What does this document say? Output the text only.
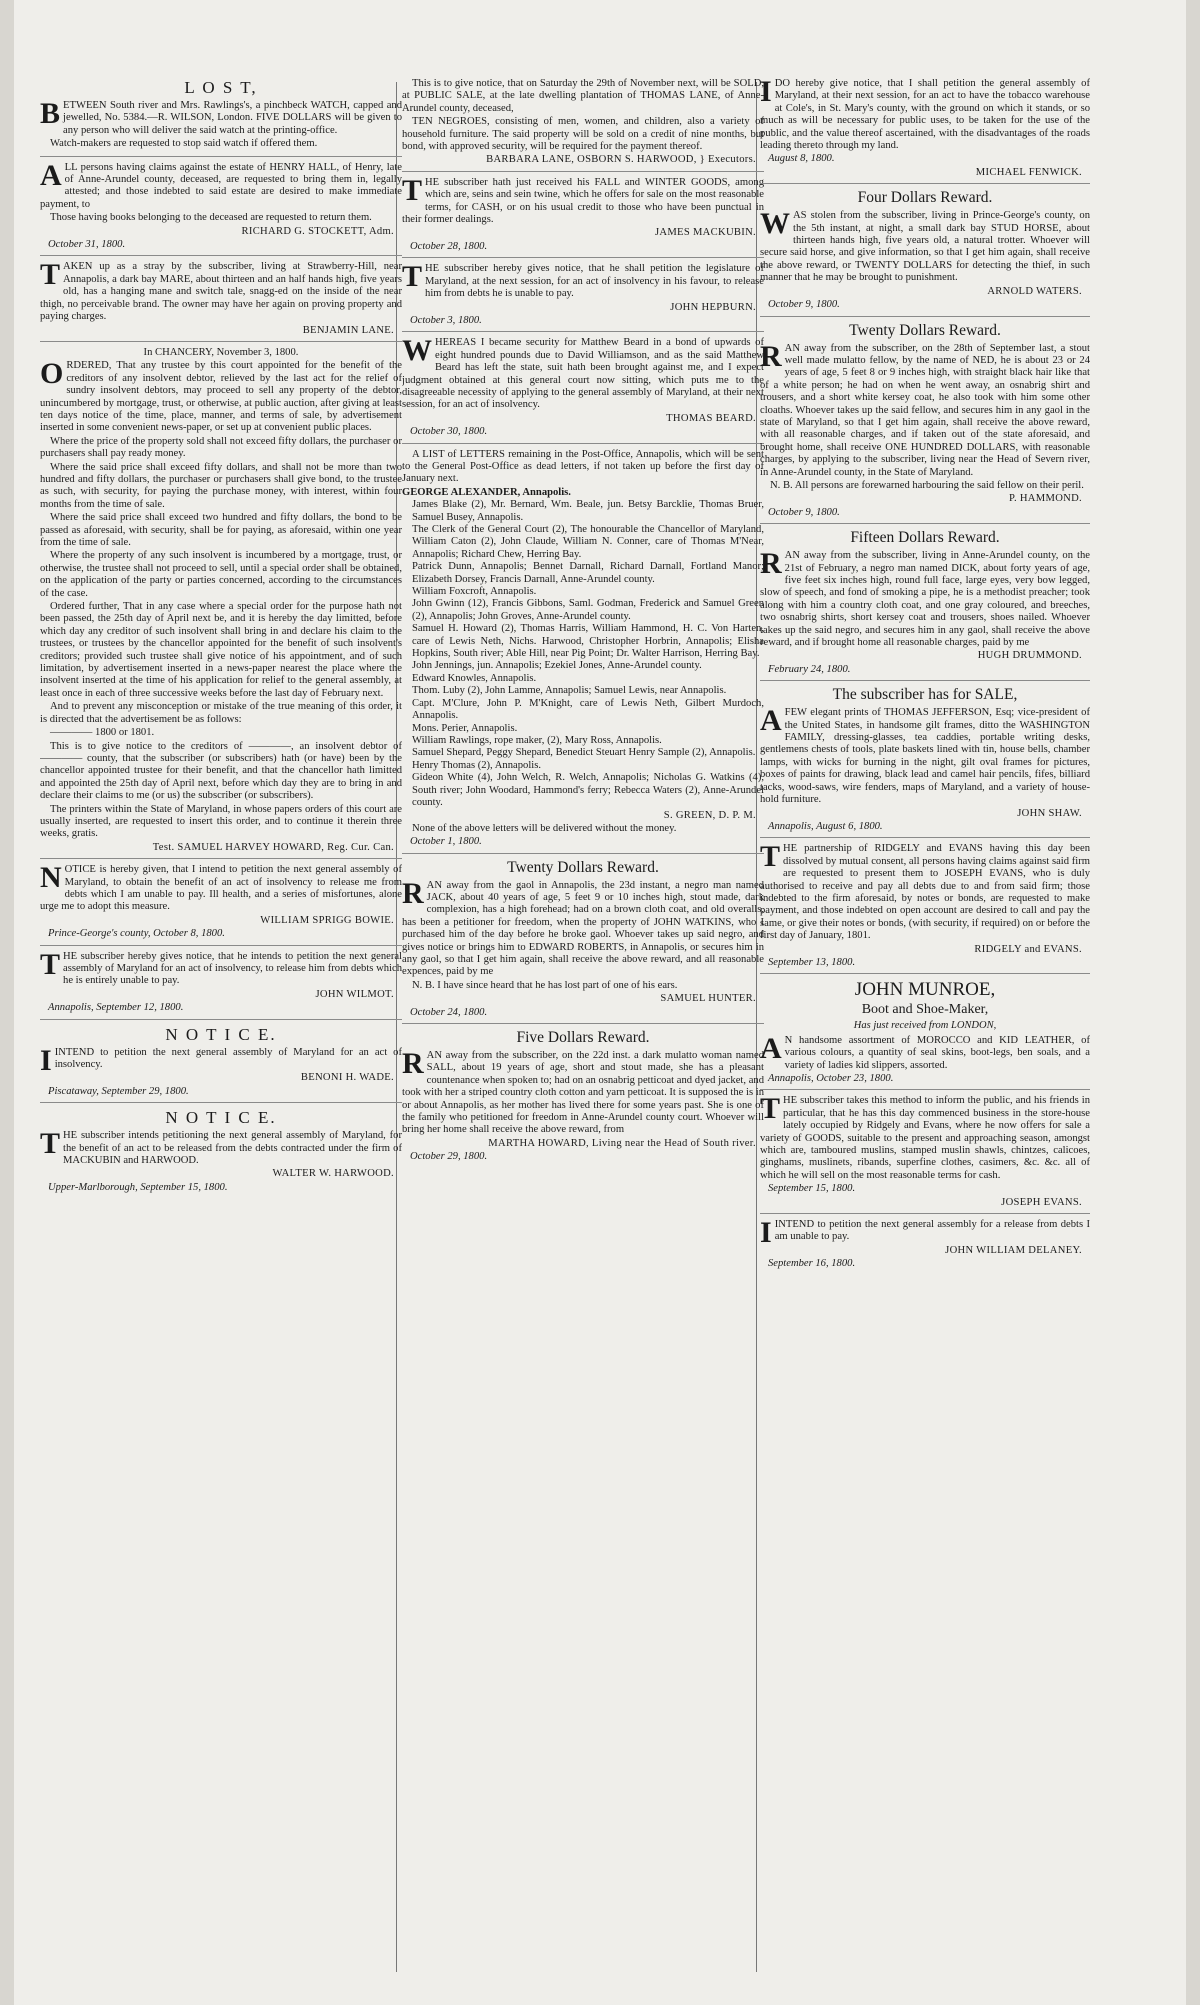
L O S T,

BETWEEN South river and Mrs. Rawlings's, a pinchbeck WATCH, capped and jewelled, No. 5384.—R. WILSON, London. FIVE DOLLARS will be given to any person who will deliver the said watch at the printing-office.

Watch-makers are requested to stop said watch if offered them.

ALL persons having claims against the estate of HENRY HALL, of Henry, late of Anne-Arundel county, deceased, are requested to bring them in, legally attested; and those indebted to said estate are desired to make immediate payment, to

Those having books belonging to the deceased are requested to return them.

RICHARD G. STOCKETT, Adm.

October 31, 1800.

TAKEN up as a stray by the subscriber, living at Strawberry-Hill, near Annapolis, a dark bay MARE, about thirteen and an half hands high, five years old, has a hanging mane and switch tale, snagg-ed on the inside of the near thigh, no perceivable brand. The owner may have her again on proving property and paying charges.

BENJAMIN LANE.

In CHANCERY, November 3, 1800.

ORDERED, That any trustee by this court appointed for the benefit of the creditors of any insolvent debtor, relieved by the last act for the relief of sundry insolvent debtors, may proceed to sell any property of the debtor, unincumbered by mortgage, trust, or otherwise, at public auction, after giving at least ten days notice of the time, place, manner, and terms of sale, by advertisement inserted in some convenient news-paper, or set up at convenient public places.

Where the price of the property sold shall not exceed fifty dollars, the purchaser or purchasers shall pay ready money.

Where the said price shall exceed fifty dollars, and shall not be more than two hundred and fifty dollars, the purchaser or purchasers shall give bond, to the trustee as such, with security, for paying the purchase money, with interest, within four months from the time of sale.

Where the said price shall exceed two hundred and fifty dollars, the bond to be passed as aforesaid, with security, shall be for paying, as aforesaid, within one year from the time of sale.

Where the property of any such insolvent is incumbered by a mortgage, trust, or otherwise, the trustee shall not proceed to sell, until a special order shall be obtained, on the application of the party or parties concerned, according to the circumstances of the case.

Ordered further, That in any case where a special order for the purpose hath not been passed, the 25th day of April next be, and it is hereby the day limitted, before which day any creditor of such insolvent shall bring in and declare his claim to the trustees, or trustees by the chancellor appointed for the benefit of such insolvent's creditors; provided such trustee shall give notice of his appointment, and of such limitation, by advertisement inserted in a news-paper nearest the place where the insolvent inserted at the time of his application for relief to the general assembly, at least once in each of three successive weeks before the last day of February next.

And to prevent any misconception or mistake of the true meaning of this order, it is directed that the advertisement be as follows:

———— 1800 or 1801.

This is to give notice to the creditors of ————, an insolvent debtor of ———— county, that the subscriber (or subscribers) hath (or have) been by the chancellor appointed trustee for their benefit, and that the chancellor hath limitted and appointed the 25th day of April next, before which day they are to bring in and declare their claims to me (or us) the subscriber (or subscribers).

The printers within the State of Maryland, in whose papers orders of this court are usually inserted, are requested to insert this order, and to continue it therein three weeks, gratis.

Test. SAMUEL HARVEY HOWARD, Reg. Cur. Can.

NOTICE is hereby given, that I intend to petition the next general assembly of Maryland, to obtain the benefit of an act of insolvency to release me from debts which I am unable to pay. Ill health, and a series of misfortunes, alone urge me to adopt this measure.

WILLIAM SPRIGG BOWIE.

Prince-George's county, October 8, 1800.

THE subscriber hereby gives notice, that he intends to petition the next general assembly of Maryland for an act of insolvency, to release him from debts which he is entirely unable to pay.

JOHN WILMOT.

Annapolis, September 12, 1800.

N O T I C E.

IINTEND to petition the next general assembly of Maryland for an act of insolvency.

BENONI H. WADE.

Piscataway, September 29, 1800.

N O T I C E.

THE subscriber intends petitioning the next general assembly of Maryland, for the benefit of an act to be released from the debts contracted under the firm of MACKUBIN and HARWOOD.

WALTER W. HARWOOD.

Upper-Marlborough, September 15, 1800.

This is to give notice, that on Saturday the 29th of November next, will be SOLD, at PUBLIC SALE, at the late dwelling plantation of THOMAS LANE, of Anne-Arundel county, deceased,

TEN NEGROES, consisting of men, women, and children, also a variety of household furniture. The said property will be sold on a credit of nine months, but bond, with approved security, will be required for the payment thereof.

BARBARA LANE, OSBORN S. HARWOOD, } Executors.

THE subscriber hath just received his FALL and WINTER GOODS, among which are, seins and sein twine, which he offers for sale on the most reasonable terms, for CASH, or on his usual credit to those who have been punctual in their former dealings.

JAMES MACKUBIN.

October 28, 1800.

THE subscriber hereby gives notice, that he shall petition the legislature of Maryland, at the next session, for an act of insolvency in his favour, to release him from debts he is unable to pay.

JOHN HEPBURN.

October 3, 1800.

WHEREAS I became security for Matthew Beard in a bond of upwards of eight hundred pounds due to David Williamson, and as the said Matthew Beard has left the state, suit hath been brought against me, and I expect judgment obtained at this general court now sitting, which puts me to the disagreeable necessity of applying to the general assembly of Maryland, at their next session, for an act of insolvency.

THOMAS BEARD.

October 30, 1800.

A LIST of LETTERS remaining in the Post-Office, Annapolis, which will be sent to the General Post-Office as dead letters, if not taken up before the first day of January next.

GEORGE ALEXANDER, Annapolis.

James Blake (2), Mr. Bernard, Wm. Beale, jun. Betsy Barcklie, Thomas Bruer, Samuel Busey, Annapolis.

The Clerk of the General Court (2), The honourable the Chancellor of Maryland, William Caton (2), John Claude, William N. Conner, care of Thomas M'Near, Annapolis; Richard Chew, Herring Bay.

Patrick Dunn, Annapolis; Bennet Darnall, Richard Darnall, Fortland Manor; Elizabeth Dorsey, Francis Darnall, Anne-Arundel county.

William Foxcroft, Annapolis.

John Gwinn (12), Francis Gibbons, Saml. Godman, Frederick and Samuel Green (2), Annapolis; John Groves, Anne-Arundel county.

Samuel H. Howard (2), Thomas Harris, William Hammond, H. C. Von Harten, care of Lewis Neth, Nichs. Harwood, Christopher Horbrin, Annapolis; Elisha Hopkins, South river; Able Hill, near Pig Point; Dr. Walter Harrison, Herring Bay.

John Jennings, jun. Annapolis; Ezekiel Jones, Anne-Arundel county.

Edward Knowles, Annapolis.

Thom. Luby (2), John Lamme, Annapolis; Samuel Lewis, near Annapolis.

Capt. M'Clure, John P. M'Knight, care of Lewis Neth, Gilbert Murdoch, Annapolis.

Mons. Perier, Annapolis.

William Rawlings, rope maker, (2), Mary Ross, Annapolis.

Samuel Shepard, Peggy Shepard, Benedict Steuart Henry Sample (2), Annapolis.

Henry Thomas (2), Annapolis.

Gideon White (4), John Welch, R. Welch, Annapolis; Nicholas G. Watkins (4), South river; John Woodard, Hammond's ferry; Rebecca Waters (2), Anne-Arundel county.

S. GREEN, D. P. M.

None of the above letters will be delivered without the money.

October 1, 1800.

Twenty Dollars Reward.

RAN away from the gaol in Annapolis, the 23d instant, a negro man named JACK, about 40 years of age, 5 feet 9 or 10 inches high, stout made, dark complexion, has a high forehead; had on a brown cloth coat, and old overalls, has been a petitioner for freedom, when the property of JOHN WATKINS, who I purchased him of the day before he broke gaol. Whoever takes up said negro, and gives notice or brings him to EDWARD ROBERTS, in Annapolis, or secures him in any gaol, so that I get him again, shall receive the above reward, and all reasonable expences, paid by me

N. B. I have since heard that he has lost part of one of his ears.

SAMUEL HUNTER.

October 24, 1800.

Five Dollars Reward.

RAN away from the subscriber, on the 22d inst. a dark mulatto woman named SALL, about 19 years of age, short and stout made, she has a pleasant countenance when spoken to; had on an osnabrig petticoat and dyed jacket, and took with her a striped country cloth cotton and yarn petticoat. It is supposed the is in or about Annapolis, as her mother has lived there for some years past. She is one of the family who petitioned for freedom in Anne-Arundel county court. Whoever will bring her home shall receive the above reward, from

MARTHA HOWARD, Living near the Head of South river.

October 29, 1800.

IDO hereby give notice, that I shall petition the general assembly of Maryland, at their next session, for an act to have the tobacco warehouse at Cole's, in St. Mary's county, with the ground on which it stands, or so much as will be necessary for public uses, to be taken for the use of the public, and the value thereof ascertained, with the disadvantages of the roads leading thereto through my land.

August 8, 1800.

MICHAEL FENWICK.
Four Dollars Reward.

WAS stolen from the subscriber, living in Prince-George's county, on the 5th instant, at night, a small dark bay STUD HORSE, about thirteen hands high, five years old, a natural trotter. Whoever will secure said horse, and give information, so that I get him again, shall receive the above reward, or TWENTY DOLLARS for detecting the thief, in such manner that he may be brought to punishment.

ARNOLD WATERS.

October 9, 1800.

Twenty Dollars Reward.

RAN away from the subscriber, on the 28th of September last, a stout well made mulatto fellow, by the name of NED, he is about 23 or 24 years of age, 5 feet 8 or 9 inches high, with straight black hair like that of a white person; he had on when he went away, an osnabrig shirt and trousers, and a short white kersey coat, he also took with him some other cloaths. Whoever takes up the said fellow, and secures him in any gaol in the state of Maryland, so that I get him again, shall receive the above reward, with all reasonable charges, and if taken out of the state aforesaid, and brought home, shall receive ONE HUNDRED DOLLARS, with reasonable charges, by applying to the subscriber, living near the Head of Severn river, in Anne-Arundel county, in the State of Maryland.

N. B. All persons are forewarned harbouring the said fellow on their peril.

P. HAMMOND.

October 9, 1800.

Fifteen Dollars Reward.

RAN away from the subscriber, living in Anne-Arundel county, on the 21st of February, a negro man named DICK, about forty years of age, five feet six inches high, round full face, large eyes, very bow legged, slow of speech, and fond of smoking a pipe, he is a methodist preacher; took along with him a country cloth coat, and one gray coloured, and breeches, two osnabrig shirts, short kersey coat and trousers, shoes nailed. Whoever takes up the said negro, and secures him in any gaol, shall receive the above reward, and if brought home all reasonable charges, paid by me

HUGH DRUMMOND.

February 24, 1800.

The subscriber has for SALE,

AFEW elegant prints of THOMAS JEFFERSON, Esq; vice-president of the United States, in handsome gilt frames, ditto the WASHINGTON FAMILY, dressing-glasses, tea caddies, portable writing desks, gentlemens chests of tools, plate baskets lined with tin, house bells, chamber lamps, with wicks for burning in the night, gilt oval frames for pictures, boxes of paints for drawing, black lead and camel hair pencils, fifes, billiard tacks, wood-saws, wire fenders, maps of Maryland, and a variety of house-hold furniture.

JOHN SHAW.

Annapolis, August 6, 1800.

THE partnership of RIDGELY and EVANS having this day been dissolved by mutual consent, all persons having claims against said firm are requested to present them to JOSEPH EVANS, who is duly authorised to receive and pay all debts due to and from said firm; those indebted to the firm aforesaid, by notes or bonds, are requested to make payment, and those indebted on open account are desired to call and pay the same, or give their notes or bonds, (with security, if required) on or before the first day of January, 1801.

RIDGELY and EVANS.

September 13, 1800.

JOHN MUNROE,
Boot and Shoe-Maker,
Has just received from LONDON,

A N handsome assortment of MOROCCO and KID LEATHER, of various colours, a quantity of seal skins, boot-legs, ben soals, and a variety of ladies kid slippers, assorted.

Annapolis, October 23, 1800.

THE subscriber takes this method to inform the public, and his friends in particular, that he has this day commenced business in the store-house lately occupied by Ridgely and Evans, where he now offers for sale a variety of GOODS, suitable to the present and approaching season, amongst which are, tamboured muslins, stamped muslin shawls, chintzes, calicoes, ginghams, muslinets, ribands, superfine clothes, casimers, &c. &c. all of which he will sell on the most reasonable terms for cash.

September 15, 1800.

JOSEPH EVANS.

IINTEND to petition the next general assembly for a release from debts I am unable to pay.

JOHN WILLIAM DELANEY.

September 16, 1800.
